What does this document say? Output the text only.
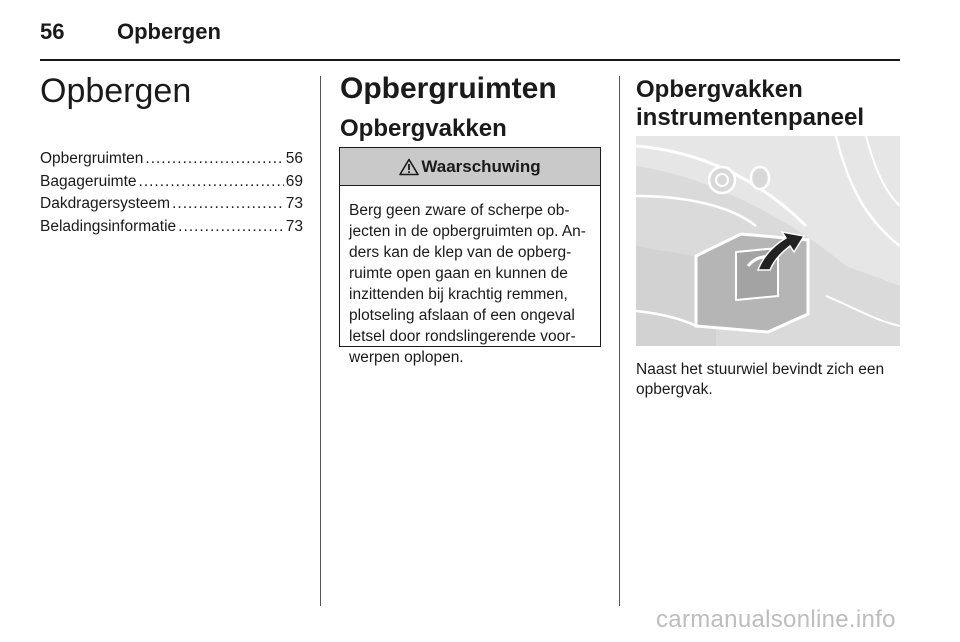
56 Opbergen
Opbergen
Opbergruimten .....	56
Bagageruimte .....	69
Dakdragersysteem .....	73
Beladingsinformatie .....	73
Opbergruimten
Opbergvakken
Waarschuwing
Berg geen zware of scherpe ob-
jecten in de opbergruimten op. An-
ders kan de klep van de opberg-
ruimte open gaan en kunnen de
inzittenden bij krachtig remmen,
plotseling afslaan of een ongeval
letsel door rondslingerende voor-
werpen oplopen.
Opbergvakken
instrumentenpaneel

Naast het stuurwiel bevindt zich een
opbergvak.

carmanualsonline.info
